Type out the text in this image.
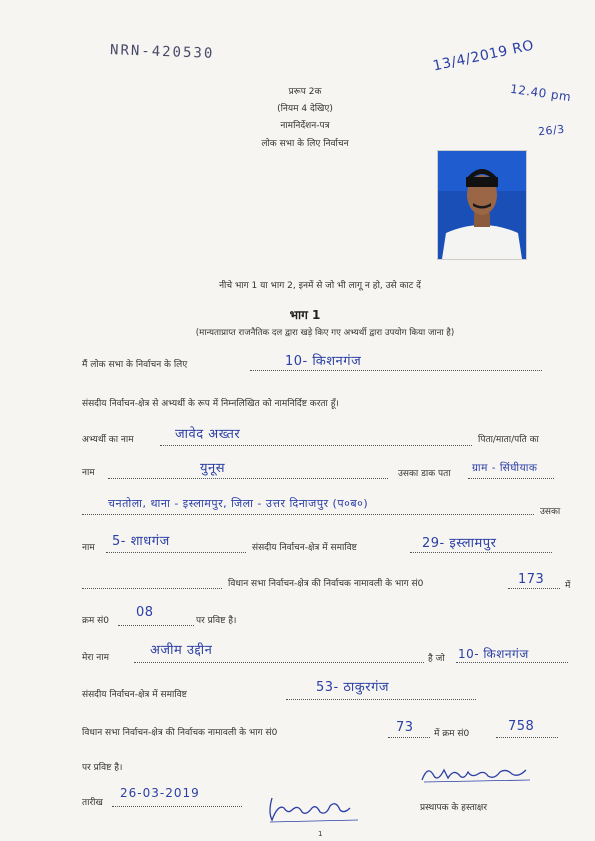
NRN-420530	13/4/2019 RO
12.40 pm
26/3
प्ररूप 2क
(नियम 4 देखिए)
नामनिर्देशन-पत्र
लोक सभा के लिए निर्वाचन
नीचे भाग 1 या भाग 2, इनमें से जो भी लागू न हो, उसे काट दें
भाग 1
(मान्यताप्राप्त राजनैतिक दल द्वारा खड़े किए गए अभ्यर्थी द्वारा उपयोग किया जाना है)
मैं लोक सभा के निर्वाचन के लिए	10- किशनगंज
संसदीय निर्वाचन-क्षेत्र से अभ्यर्थी के रूप में निम्नलिखित को नामनिर्दिष्ट करता हूँ।
अभ्यर्थी का नाम	जावेद अख्तर	पिता/माता/पति का
नाम	युनूस	उसका डाक पता ग्राम - सिंघीयाक
चनतोला, थाना - इस्लामपुर, जिला - उत्तर दिनाजपुर (प०ब०)
उसका
नाम 5- शाधगंज	संसदीय निर्वाचन-क्षेत्र में समाविष्ट	29- इस्लामपुर
विधान सभा निर्वाचन-क्षेत्र की निर्वाचक नामावली के भाग सं0	173 में
क्रम सं0
08
पर प्रविष्ट है।
मेरा नाम	अजीम उद्दीन
है जो 10- किशनगंज
संसदीय निर्वाचन-क्षेत्र में समाविष्ट	53- ठाकुरगंज
विधान सभा निर्वाचन-क्षेत्र की निर्वाचक नामावली के भाग सं0	73 में क्रम सं0	758
पर प्रविष्ट है।
तारीख
26-03-2019
प्रस्थापक के हस्ताक्षर
1
